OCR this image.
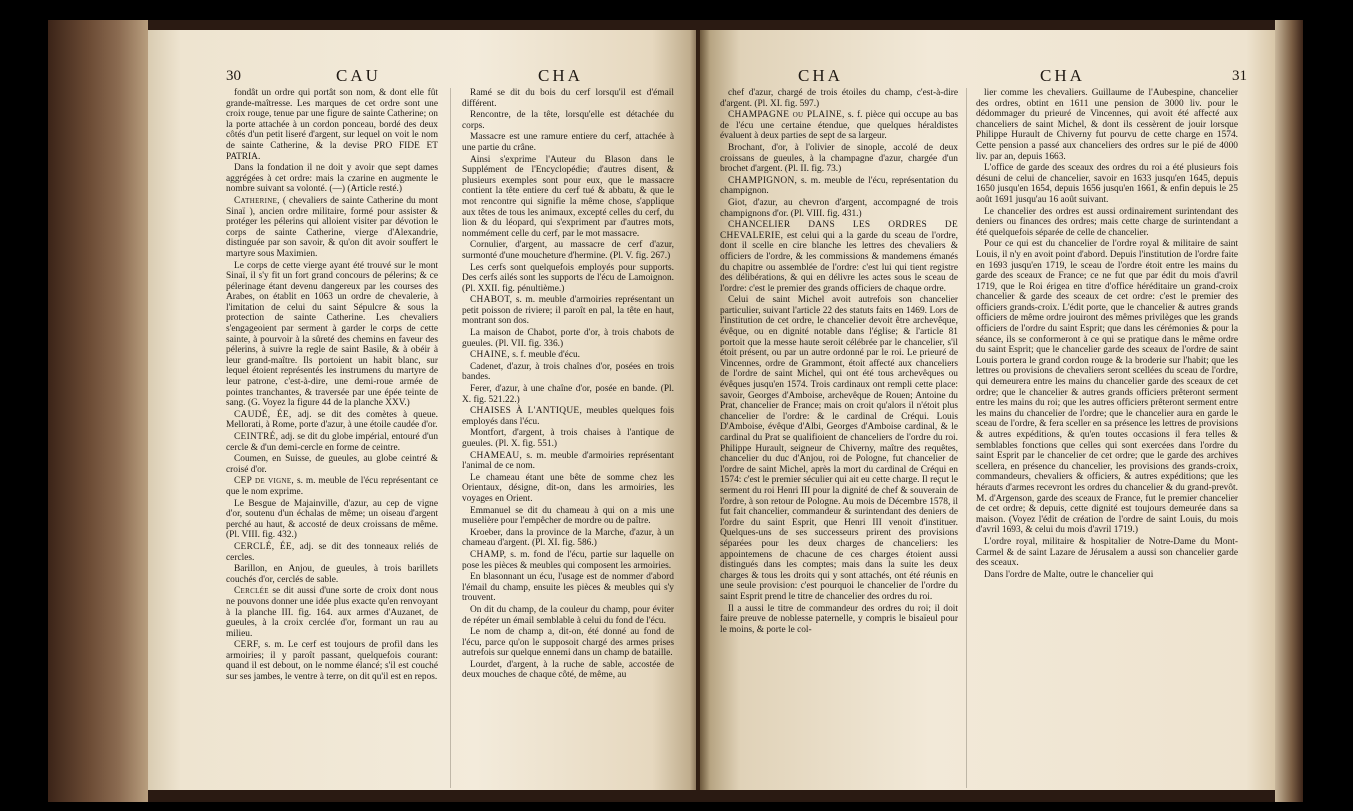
30	CAU	CHA

fondât un ordre qui portât son nom, & dont elle fût grande-maîtresse. Les marques de cet ordre sont une croix rouge, tenue par une figure de sainte Catherine; on la porte attachée à un cordon ponceau, bordé des deux côtés d'un petit liseré d'argent, sur lequel on voit le nom de sainte Catherine, & la devise PRO FIDE ET PATRIA.

Dans la fondation il ne doit y avoir que sept dames aggrégées à cet ordre: mais la czarine en augmente le nombre suivant sa volonté. (—) (Article resté.)

Catherine, ( chevaliers de sainte Catherine du mont Sinaï ), ancien ordre militaire, formé pour assister & protéger les pélerins qui alloient visiter par dévotion le corps de sainte Catherine, vierge d'Alexandrie, distinguée par son savoir, & qu'on dit avoir souffert le martyre sous Maximien.

Le corps de cette vierge ayant été trouvé sur le mont Sinaï, il s'y fit un fort grand concours de pélerins; & ce pélerinage étant devenu dangereux par les courses des Arabes, on établit en 1063 un ordre de chevalerie, à l'imitation de celui du saint Sépulcre & sous la protection de sainte Catherine. Les chevaliers s'engageoient par serment à garder le corps de cette sainte, à pourvoir à la sûreté des chemins en faveur des pélerins, à suivre la regle de saint Basile, & à obéir à leur grand-maître. Ils portoient un habit blanc, sur lequel étoient représentés les instrumens du martyre de leur patrone, c'est-à-dire, une demi-roue armée de pointes tranchantes, & traversée par une épée teinte de sang. (G. Voyez la figure 44 de la planche XXV.)

CAUDÉ, ÉE, adj. se dit des comètes à queue. Mellorati, à Rome, porte d'azur, à une étoile caudée d'or.

CEINTRÉ, adj. se dit du globe impérial, entouré d'un cercle & d'un demi-cercle en forme de ceintre.

Coumen, en Suisse, de gueules, au globe ceintré & croisé d'or.

CEP de vigne, s. m. meuble de l'écu représentant ce que le nom exprime.

Le Besgue de Majainville, d'azur, au cep de vigne d'or, soutenu d'un échalas de même; un oiseau d'argent perché au haut, & accosté de deux croissans de même. (Pl. VIII. fig. 432.)

CERCLÉ, ÉE, adj. se dit des tonneaux reliés de cercles.

Barillon, en Anjou, de gueules, à trois barillets couchés d'or, cerclés de sable.

Cerclée se dit aussi d'une sorte de croix dont nous ne pouvons donner une idée plus exacte qu'en renvoyant à la planche III. fig. 164. aux armes d'Auzanet, de gueules, à la croix cerclée d'or, formant un rau au milieu.

CERF, s. m. Le cerf est toujours de profil dans les armoiries; il y paroît passant, quelquefois courant: quand il est debout, on le nomme élancé; s'il est couché sur ses jambes, le ventre à terre, on dit qu'il est en repos.

Ramé se dit du bois du cerf lorsqu'il est d'émail différent.

Rencontre, de la tête, lorsqu'elle est détachée du corps.

Massacre est une ramure entiere du cerf, attachée à une partie du crâne.

Ainsi s'exprime l'Auteur du Blason dans le Supplément de l'Encyclopédie; d'autres disent, & plusieurs exemples sont pour eux, que le massacre contient la tête entiere du cerf tué & abbatu, & que le mot rencontre qui signifie la même chose, s'applique aux têtes de tous les animaux, excepté celles du cerf, du lion & du léopard, qui s'expriment par d'autres mots, nommément celle du cerf, par le mot massacre.

Cornulier, d'argent, au massacre de cerf d'azur, surmonté d'une moucheture d'hermine. (Pl. V. fig. 267.)

Les cerfs sont quelquefois employés pour supports. Des cerfs ailés sont les supports de l'écu de Lamoignon. (Pl. XXII. fig. pénultième.)

CHABOT, s. m. meuble d'armoiries représentant un petit poisson de riviere; il paroît en pal, la tête en haut, montrant son dos.

La maison de Chabot, porte d'or, à trois chabots de gueules. (Pl. VII. fig. 336.)

CHAINE, s. f. meuble d'écu.

Cadenet, d'azur, à trois chaînes d'or, posées en trois bandes.

Ferer, d'azur, à une chaîne d'or, posée en bande. (Pl. X. fig. 521.22.)

CHAISES À L'ANTIQUE, meubles quelques fois employés dans l'écu.

Montfort, d'argent, à trois chaises à l'antique de gueules. (Pl. X. fig. 551.)

CHAMEAU, s. m. meuble d'armoiries représentant l'animal de ce nom.

Le chameau étant une bête de somme chez les Orientaux, désigne, dit-on, dans les armoiries, les voyages en Orient.

Emmanuel se dit du chameau à qui on a mis une muselière pour l'empêcher de mordre ou de paître.

Kroeber, dans la province de la Marche, d'azur, à un chameau d'argent. (Pl. XI. fig. 586.)

CHAMP, s. m. fond de l'écu, partie sur laquelle on pose les pièces & meubles qui composent les armoiries.

En blasonnant un écu, l'usage est de nommer d'abord l'émail du champ, ensuite les pièces & meubles qui s'y trouvent.

On dit du champ, de la couleur du champ, pour éviter de répéter un émail semblable à celui du fond de l'écu.

Le nom de champ a, dit-on, été donné au fond de l'écu, parce qu'on le supposoit chargé des armes prises autrefois sur quelque ennemi dans un champ de bataille.

Lourdet, d'argent, à la ruche de sable, accostée de deux mouches de chaque côté, de même, au

CHA	CHA	31

chef d'azur, chargé de trois étoiles du champ, c'est-à-dire d'argent. (Pl. XI. fig. 597.)

CHAMPAGNE ou PLAINE, s. f. pièce qui occupe au bas de l'écu une certaine étendue, que quelques héraldistes évaluent à deux parties de sept de sa largeur.

Brochant, d'or, à l'olivier de sinople, accolé de deux croissans de gueules, à la champagne d'azur, chargée d'un brochet d'argent. (Pl. II. fig. 73.)

CHAMPIGNON, s. m. meuble de l'écu, représentation du champignon.

Giot, d'azur, au chevron d'argent, accompagné de trois champignons d'or. (Pl. VIII. fig. 431.)

CHANCELIER DANS LES ORDRES DE CHEVALERIE, est celui qui a la garde du sceau de l'ordre, dont il scelle en cire blanche les lettres des chevaliers & officiers de l'ordre, & les commissions & mandemens émanés du chapitre ou assemblée de l'ordre: c'est lui qui tient registre des délibérations, & qui en délivre les actes sous le sceau de l'ordre: c'est le premier des grands officiers de chaque ordre.

Celui de saint Michel avoit autrefois son chancelier particulier, suivant l'article 22 des statuts faits en 1469. Lors de l'institution de cet ordre, le chancelier devoit être archevêque, évêque, ou en dignité notable dans l'église; & l'article 81 portoit que la messe haute seroit célébrée par le chancelier, s'il étoit présent, ou par un autre ordonné par le roi. Le prieuré de Vincennes, ordre de Grammont, étoit affecté aux chanceliers de l'ordre de saint Michel, qui ont été tous archevêques ou évêques jusqu'en 1574. Trois cardinaux ont rempli cette place: savoir, Georges d'Amboise, archevêque de Rouen; Antoine du Prat, chancelier de France; mais on croit qu'alors il n'étoit plus chancelier de l'ordre: & le cardinal de Créqui. Louis D'Amboise, évêque d'Albi, Georges d'Amboise cardinal, & le cardinal du Prat se qualifioient de chanceliers de l'ordre du roi. Philippe Hurault, seigneur de Chiverny, maître des requêtes, chancelier du duc d'Anjou, roi de Pologne, fut chancelier de l'ordre de saint Michel, après la mort du cardinal de Créqui en 1574: c'est le premier séculier qui ait eu cette charge. Il reçut le serment du roi Henri III pour la dignité de chef & souverain de l'ordre, à son retour de Pologne. Au mois de Décembre 1578, il fut fait chancelier, commandeur & surintendant des deniers de l'ordre du saint Esprit, que Henri III venoit d'instituer. Quelques-uns de ses successeurs prirent des provisions séparées pour les deux charges de chanceliers: les appointemens de chacune de ces charges étoient aussi distingués dans les comptes; mais dans la suite les deux charges & tous les droits qui y sont attachés, ont été réunis en une seule provision: c'est pourquoi le chancelier de l'ordre du saint Esprit prend le titre de chancelier des ordres du roi.

Il a aussi le titre de commandeur des ordres du roi; il doit faire preuve de noblesse paternelle, y compris le bisaïeul pour le moins, & porte le col-

lier comme les chevaliers. Guillaume de l'Aubespine, chancelier des ordres, obtint en 1611 une pension de 3000 liv. pour le dédommager du prieuré de Vincennes, qui avoit été affecté aux chanceliers de saint Michel, & dont ils cessèrent de jouir lorsque Philippe Hurault de Chiverny fut pourvu de cette charge en 1574. Cette pension a passé aux chanceliers des ordres sur le pié de 4000 liv. par an, depuis 1663.

L'office de garde des sceaux des ordres du roi a été plusieurs fois désuni de celui de chancelier, savoir en 1633 jusqu'en 1645, depuis 1650 jusqu'en 1654, depuis 1656 jusqu'en 1661, & enfin depuis le 25 août 1691 jusqu'au 16 août suivant.

Le chancelier des ordres est aussi ordinairement surintendant des deniers ou finances des ordres; mais cette charge de surintendant a été quelquefois séparée de celle de chancelier.

Pour ce qui est du chancelier de l'ordre royal & militaire de saint Louis, il n'y en avoit point d'abord. Depuis l'institution de l'ordre faite en 1693 jusqu'en 1719, le sceau de l'ordre étoit entre les mains du garde des sceaux de France; ce ne fut que par édit du mois d'avril 1719, que le Roi érigea en titre d'office héréditaire un grand-croix chancelier & garde des sceaux de cet ordre: c'est le premier des officiers grands-croix. L'édit porte, que le chancelier & autres grands officiers de même ordre jouiront des mêmes privilèges que les grands officiers de l'ordre du saint Esprit; que dans les cérémonies & pour la séance, ils se conformeront à ce qui se pratique dans le même ordre du saint Esprit; que le chancelier garde des sceaux de l'ordre de saint Louis portera le grand cordon rouge & la broderie sur l'habit; que les lettres ou provisions de chevaliers seront scellées du sceau de l'ordre, qui demeurera entre les mains du chancelier garde des sceaux de cet ordre; que le chancelier & autres grands officiers prêteront serment entre les mains du roi; que les autres officiers prêteront serment entre les mains du chancelier de l'ordre; que le chancelier aura en garde le sceau de l'ordre, & fera sceller en sa présence les lettres de provisions & autres expéditions, & qu'en toutes occasions il fera telles & semblables fonctions que celles qui sont exercées dans l'ordre du saint Esprit par le chancelier de cet ordre; que le garde des archives scellera, en présence du chancelier, les provisions des grands-croix, commandeurs, chevaliers & officiers, & autres expéditions; que les hérauts d'armes recevront les ordres du chancelier & du grand-prevôt. M. d'Argenson, garde des sceaux de France, fut le premier chancelier de cet ordre; & depuis, cette dignité est toujours demeurée dans sa maison. (Voyez l'édit de création de l'ordre de saint Louis, du mois d'avril 1693, & celui du mois d'avril 1719.)

L'ordre royal, militaire & hospitalier de Notre-Dame du Mont-Carmel & de saint Lazare de Jérusalem a aussi son chancelier garde des sceaux.

Dans l'ordre de Malte, outre le chancelier qui
